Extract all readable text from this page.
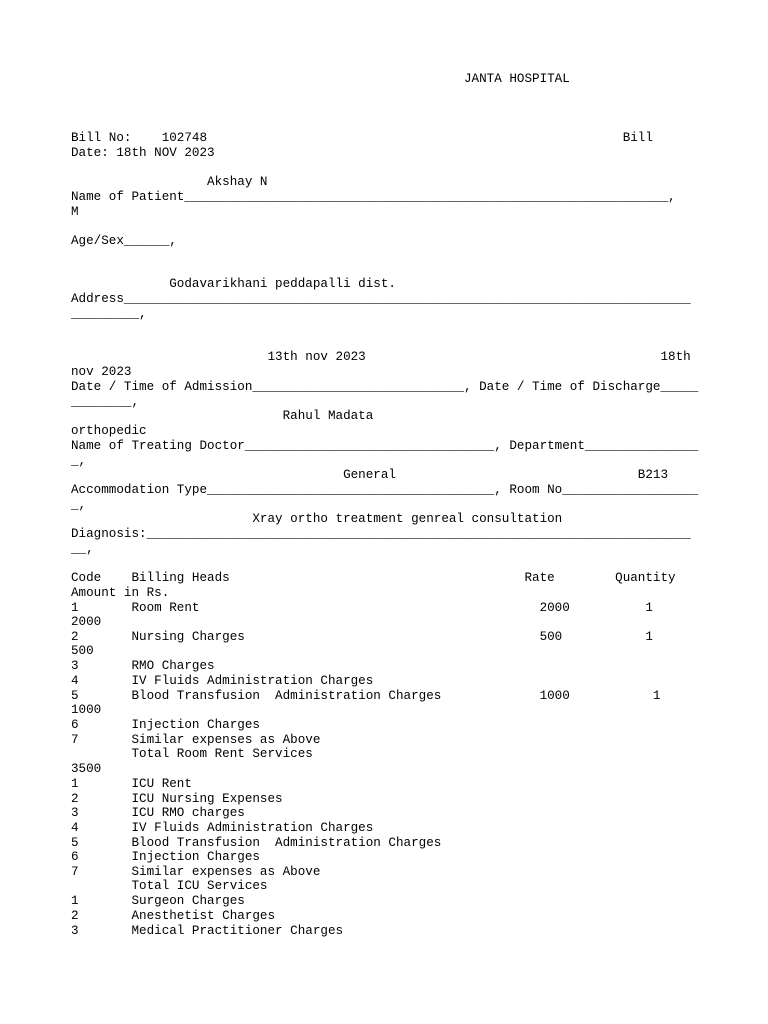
JANTA HOSPITAL
Bill No:    102748                                                       Bill
Date: 18th NOV 2023
Akshay N
Name of Patient________________________________________________________________,
M
Age/Sex______,
Godavarikhani peddapalli dist.
Address___________________________________________________________________________
_________,
13th nov 2023                                       18th
nov 2023
Date / Time of Admission____________________________, Date / Time of Discharge_____
________,
Rahul Madata
orthopedic
Name of Treating Doctor_________________________________, Department_______________
_,
General                                B213
Accommodation Type______________________________________, Room No__________________
_,
Xray ortho treatment genreal consultation
Diagnosis:________________________________________________________________________
__,
Code    Billing Heads                                       Rate        Quantity
Amount in Rs.
1       Room Rent                                             2000          1
2000
2       Nursing Charges                                       500           1
500
3       RMO Charges
4       IV Fluids Administration Charges
5       Blood Transfusion  Administration Charges             1000           1
1000
6       Injection Charges
7       Similar expenses as Above
Total Room Rent Services
3500
1       ICU Rent
2       ICU Nursing Expenses
3       ICU RMO charges
4       IV Fluids Administration Charges
5       Blood Transfusion  Administration Charges
6       Injection Charges
7       Similar expenses as Above
Total ICU Services
1       Surgeon Charges
2       Anesthetist Charges
3       Medical Practitioner Charges
